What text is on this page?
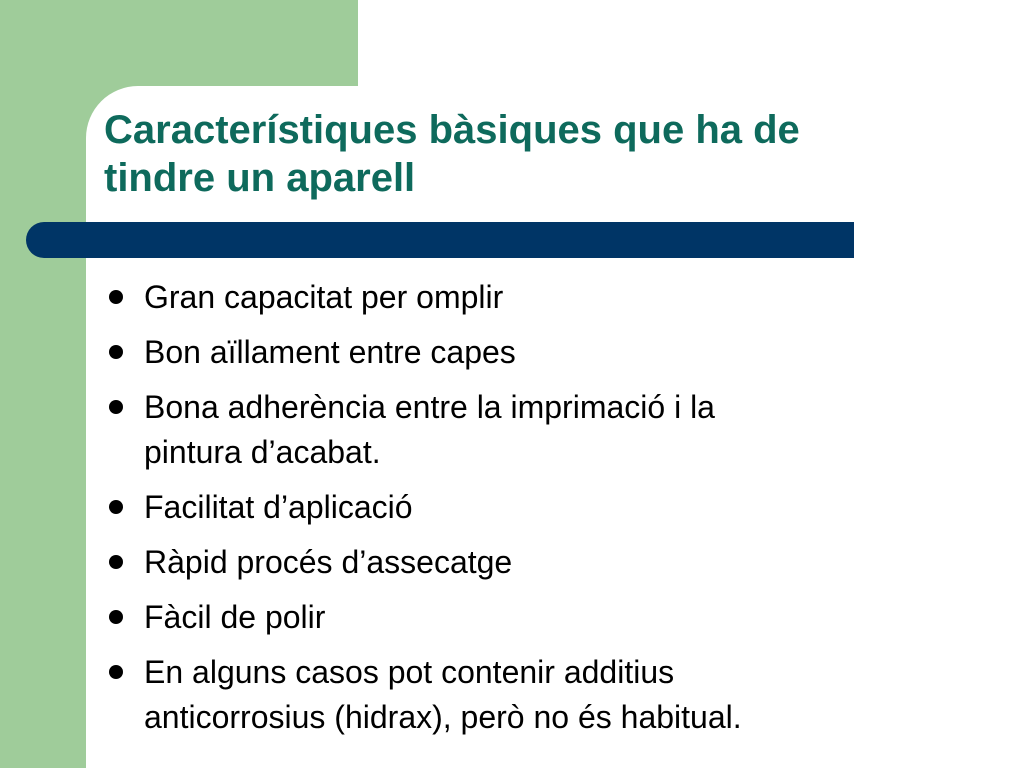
Característiques bàsiques que ha de
tindre un aparell
Gran capacitat per omplir
Bon aïllament entre capes
Bona adherència entre la imprimació i la
pintura d’acabat.
Facilitat d’aplicació
Ràpid procés d’assecatge
Fàcil de polir
En alguns casos pot contenir additius
anticorrosius (hidrax), però no és habitual.
